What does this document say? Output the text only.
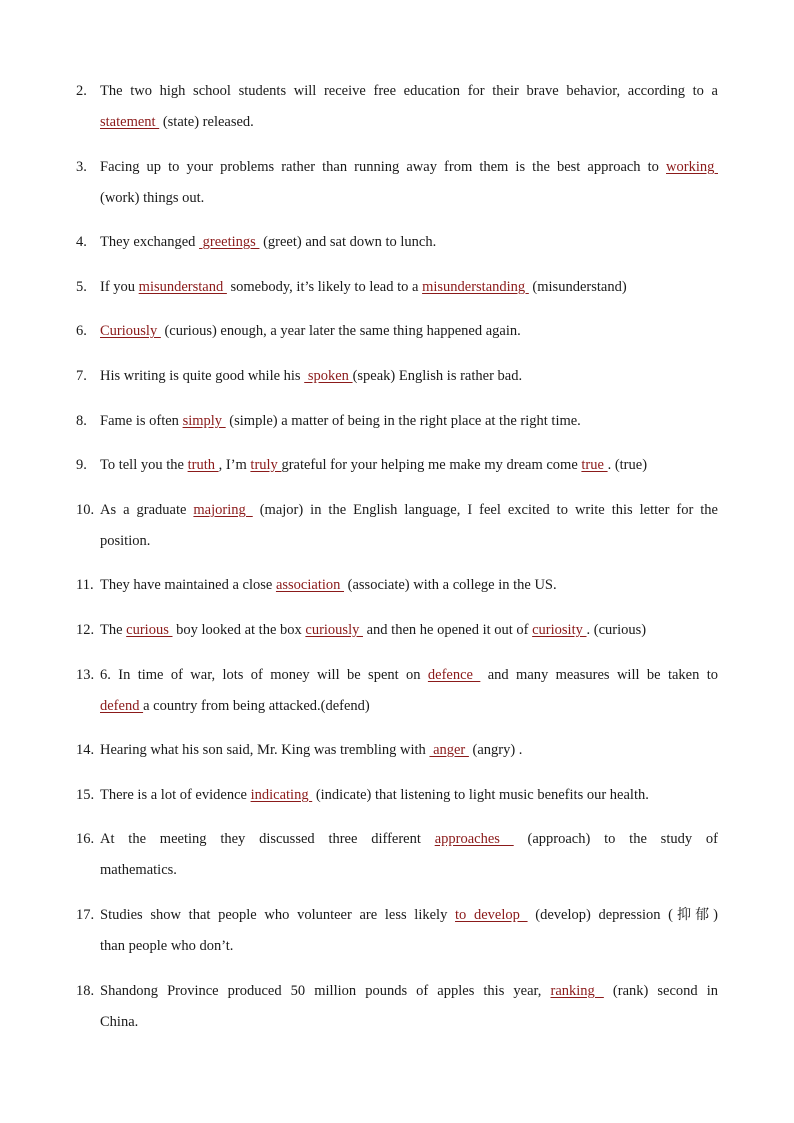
2. The two high school students will receive free education for their brave behavior, according to a
statement  (state) released.
3. Facing up to your problems rather than running away from them is the best approach to working
(work) things out.
4. They exchanged  greetings  (greet) and sat down to lunch.
5. If you misunderstand  somebody, it’s likely to lead to a misunderstanding  (misunderstand)
6. Curiously  (curious) enough, a year later the same thing happened again.
7. His writing is quite good while his  spoken (speak) English is rather bad.
8. Fame is often simply  (simple) a matter of being in the right place at the right time.
9. To tell you the truth , I’m truly grateful for your helping me make my dream come true . (true)
10. As a graduate majoring  (major) in the English language, I feel excited to write this letter for the
position.
11. They have maintained a close association  (associate) with a college in the US.
12. The curious  boy looked at the box curiously  and then he opened it out of curiosity . (curious)
13. 6. In time of war, lots of money will be spent on defence  and many measures will be taken to
defend a country from being attacked.(defend)
14. Hearing what his son said, Mr. King was trembling with  anger  (angry) .
15. There is a lot of evidence indicating  (indicate) that listening to light music benefits our health.
16. At the meeting they discussed three different approaches  (approach) to the study of
mathematics.
17. Studies show that people who volunteer are less likely to develop  (develop) depression (抑郁)
than people who don’t.
18. Shandong Province produced 50 million pounds of apples this year, ranking  (rank) second in
China.
